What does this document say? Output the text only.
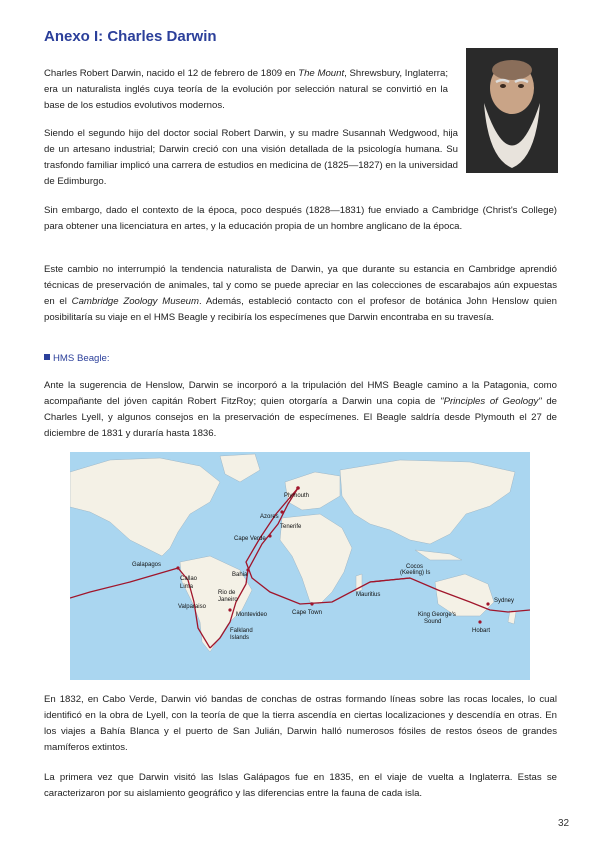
Anexo I: Charles Darwin
Charles Robert Darwin, nacido el 12 de febrero de 1809 en The Mount, Shrewsbury, Inglaterra; era un naturalista inglés cuya teoría de la evolución por selección natural se convirtió en la base de los estudios evolutivos modernos.
Siendo el segundo hijo del doctor social Robert Darwin, y su madre Susannah Wedgwood, hija de un artesano industrial; Darwin creció con una visión detallada de la psicología humana. Su trasfondo familiar implicó una carrera de estudios en medicina de (1825—1827) en la universidad de Edimburgo.
Sin embargo, dado el contexto de la época, poco después (1828—1831) fue enviado a Cambridge (Christ's College) para obtener una licenciatura en artes, y la educación propia de un hombre anglicano de la época.
Este cambio no interrumpió la tendencia naturalista de Darwin, ya que durante su estancia en Cambridge aprendió técnicas de preservación de animales, tal y como se puede apreciar en las colecciones de escarabajos aún expuestas en el Cambridge Zoology Museum. Además, estableció contacto con el profesor de botánica John Henslow quien posibilitaría su viaje en el HMS Beagle y recibiría los especímenes que Darwin encontraba en su travesía.
HMS Beagle:
Ante la sugerencia de Henslow, Darwin se incorporó a la tripulación del HMS Beagle camino a la Patagonia, como acompañante del jóven capitán Robert FitzRoy; quien otorgaría a Darwin una copia de "Principles of Geology" de Charles Lyell, y algunos consejos en la preservación de especímenes. El Beagle saldría desde Plymouth el 27 de diciembre de 1831 y duraría hasta 1836.
Plymouth
Azores
Tenerife
Cape Verde
Galapagos
Callao
Lima
Bahia
Rio de
Janeiro
Valparaiso
Montevideo
Falkland
Islands
Cape Town
Cocos
(Keeling) Is
Mauritius
King George's
Sound
Sydney
Hobart
En 1832, en Cabo Verde, Darwin vió bandas de conchas de ostras formando líneas sobre las rocas locales, lo cual identificó en la obra de Lyell, con la teoría de que la tierra ascendía en ciertas localizaciones y descendía en otras. En los viajes a Bahía Blanca y el puerto de San Julián, Darwin halló numerosos fósiles de restos óseos de grandes mamíferos extintos.
La primera vez que Darwin visitó las Islas Galápagos fue en 1835, en el viaje de vuelta a Inglaterra. Estas se caracterizaron por su aislamiento geográfico y las diferencias entre la fauna de cada isla.
32
